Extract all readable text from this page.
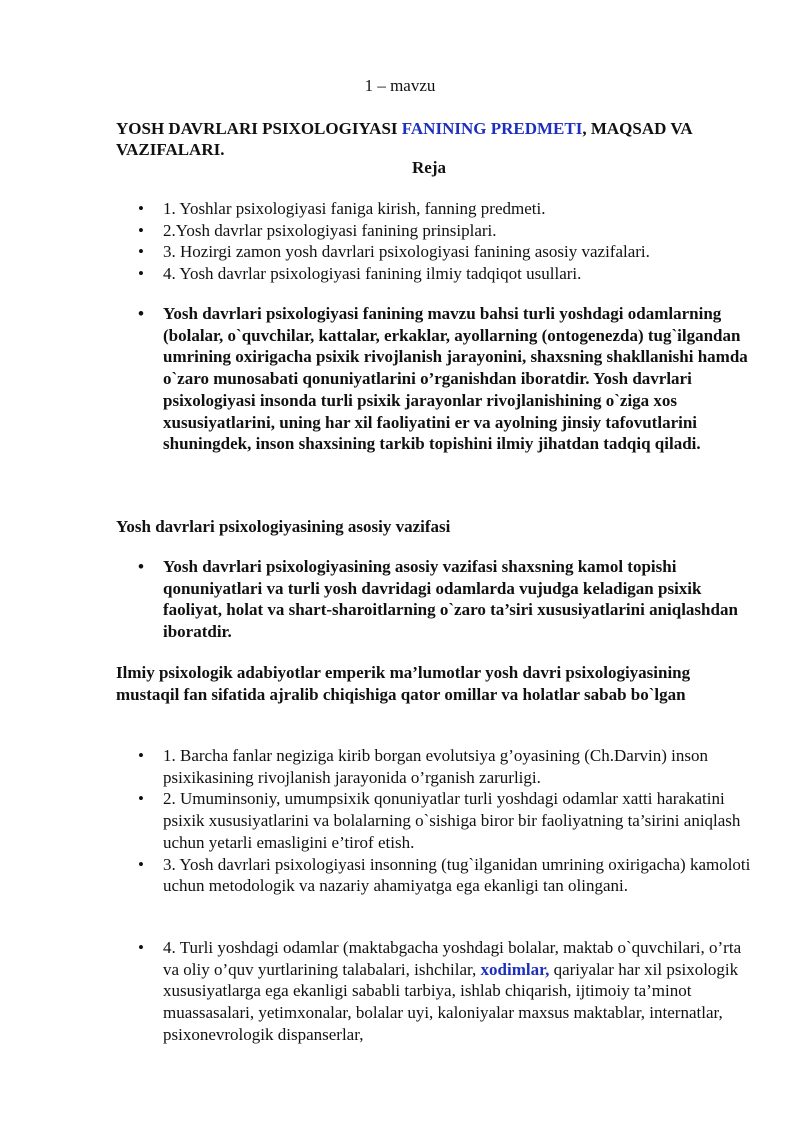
1 – mavzu
YOSH DAVRLARI PSIXOLOGIYASI FANINING PREDMETI, MAQSAD VA VAZIFALARI.
Reja
• 1. Yoshlar psixologiyasi faniga kirish, fanning predmeti.
• 2.Yosh davrlar psixologiyasi fanining prinsiplari.
• 3. Hozirgi zamon yosh davrlari psixologiyasi fanining asosiy vazifalari.
• 4. Yosh davrlar psixologiyasi fanining ilmiy tadqiqot usullari.
• Yosh davrlari psixologiyasi fanining mavzu bahsi turli yoshdagi odamlarning (bolalar, o`quvchilar, kattalar, erkaklar, ayollarning (ontogenezda) tug`ilgandan umrining oxirigacha psixik rivojlanish jarayonini, shaxsning shakllanishi hamda o`zaro munosabati qonuniyatlarini o’rganishdan iboratdir. Yosh davrlari psixologiyasi insonda turli psixik jarayonlar rivojlanishining o`ziga xos xususiyatlarini, uning har xil faoliyatini er va ayolning jinsiy tafovutlarini shuningdek, inson shaxsining tarkib topishini ilmiy jihatdan tadqiq qiladi.
Yosh davrlari psixologiyasining asosiy vazifasi
• Yosh davrlari psixologiyasining asosiy vazifasi shaxsning kamol topishi qonuniyatlari va turli yosh davridagi odamlarda vujudga keladigan psixik faoliyat, holat va shart-sharoitlarning o`zaro ta’siri xususiyatlarini aniqlashdan iboratdir.
Ilmiy psixologik adabiyotlar emperik ma’lumotlar yosh davri psixologiyasining mustaqil fan sifatida ajralib chiqishiga qator omillar va holatlar sabab bo`lgan
• 1. Barcha fanlar negiziga kirib borgan evolutsiya g’oyasining (Ch.Darvin) inson psixikasining rivojlanish jarayonida o’rganish zarurligi.
• 2. Umuminsoniy, umumpsixik qonuniyatlar turli yoshdagi odamlar xatti harakatini psixik xususiyatlarini va bolalarning o`sishiga biror bir faoliyatning ta’sirini aniqlash uchun yetarli emasligini e’tirof etish.
• 3. Yosh davrlari psixologiyasi insonning (tug`ilganidan umrining oxirigacha) kamoloti uchun metodologik va nazariy ahamiyatga ega ekanligi tan olingani.
• 4. Turli yoshdagi odamlar (maktabgacha yoshdagi bolalar, maktab o`quvchilari, o’rta va oliy o’quv yurtlarining talabalari, ishchilar, xodimlar, qariyalar har xil psixologik xususiyatlarga ega ekanligi sababli tarbiya, ishlab chiqarish, ijtimoiy ta’minot muassasalari, yetimxonalar, bolalar uyi, kaloniyalar maxsus maktablar, internatlar, psixonevrologik dispanserlar,
